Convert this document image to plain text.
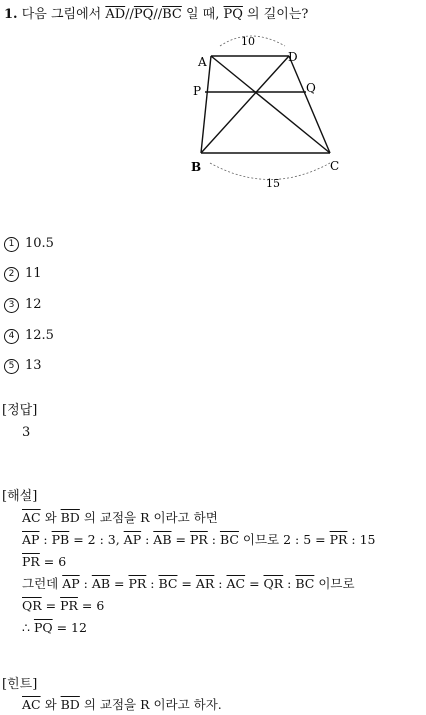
1. 다음 그림에서 $\overline{AD}//\overline{PQ}//\overline{BC}$ 일 때, $\overline{PQ}$ 의 길이는?
A	D
P	Q
B	C
10
15
1 10.5
2 11
3 12
4 12.5
5 13
[정답]
3
[해설]
$\overline{AC}$ 와 $\overline{BD}$ 의 교점을 R 이라고 하면
$\overline{AP}$ : $\overline{PB} = 2$ : 3, $\overline{AP}$ : $\overline{AB} = \overline{PR}$ : $\overline{BC}$ 이므로 2 : $5 = \overline{PR}$ : 15
$\overline{PR} = 6$
그런데 $\overline{AP}$ : $\overline{AB} = \overline{PR}$ : $\overline{BC} = \overline{AR}$ : $\overline{AC} = \overline{QR}$ : $\overline{BC}$ 이므로
$\overline{QR} = \overline{PR} = 6$
∴ $\overline{PQ} = 12$
[힌트]
$\overline{AC}$ 와 $\overline{BD}$ 의 교점을 R 이라고 하자.
